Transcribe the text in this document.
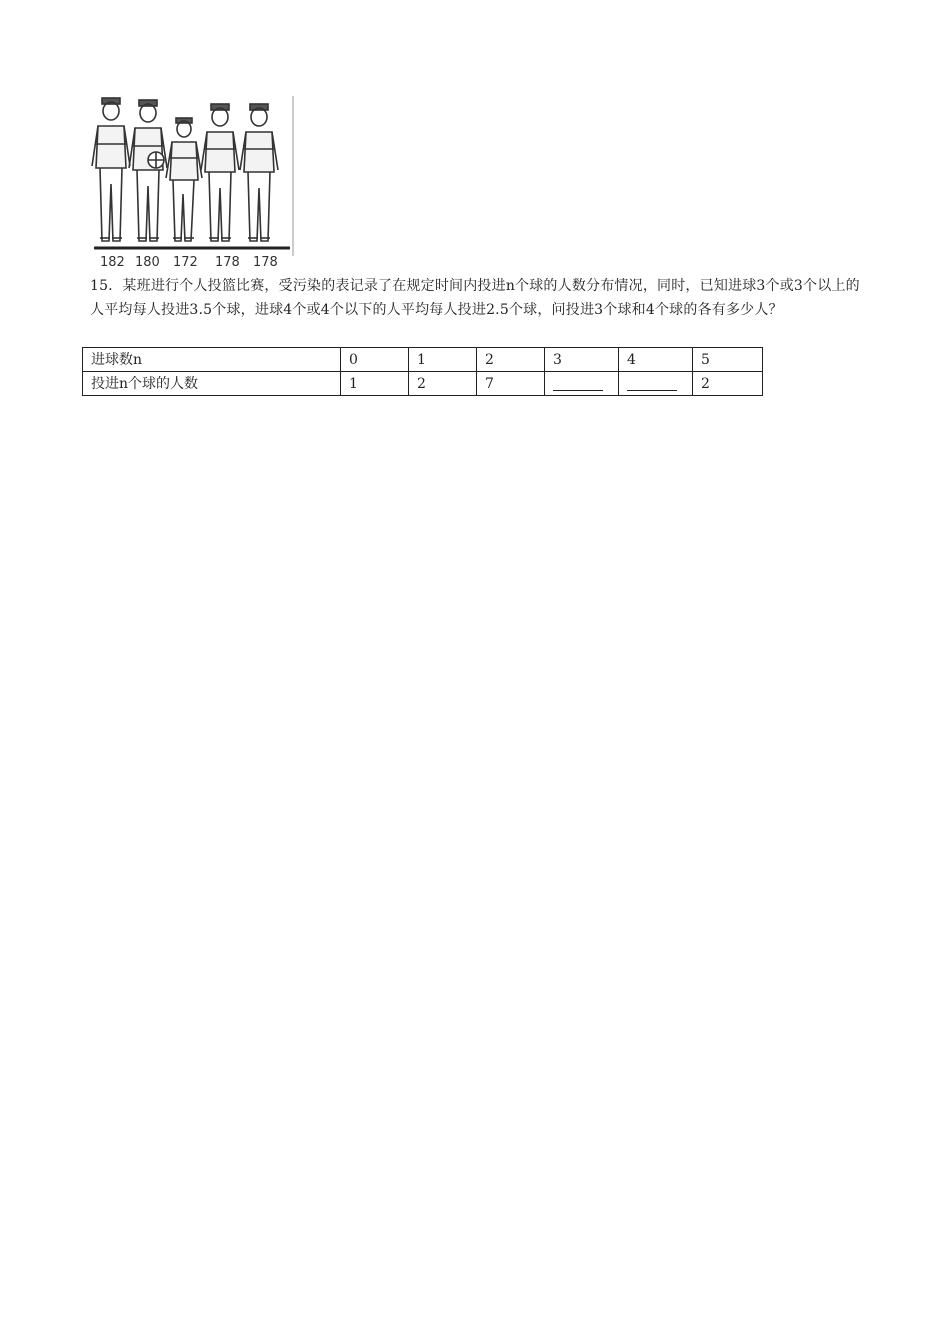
182 180 172 178 178
15．某班进行个人投篮比赛，受污染的表记录了在规定时间内投进n个球的人数分布情况，同时，已知进球3个或3个以上的人平均每人投进3.5个球，进球4个或4个以下的人平均每人投进2.5个球，问投进3个球和4个球的各有多少人？
进球数n	0	1	2	3	4	5
投进n个球的人数	1	2	7			2
